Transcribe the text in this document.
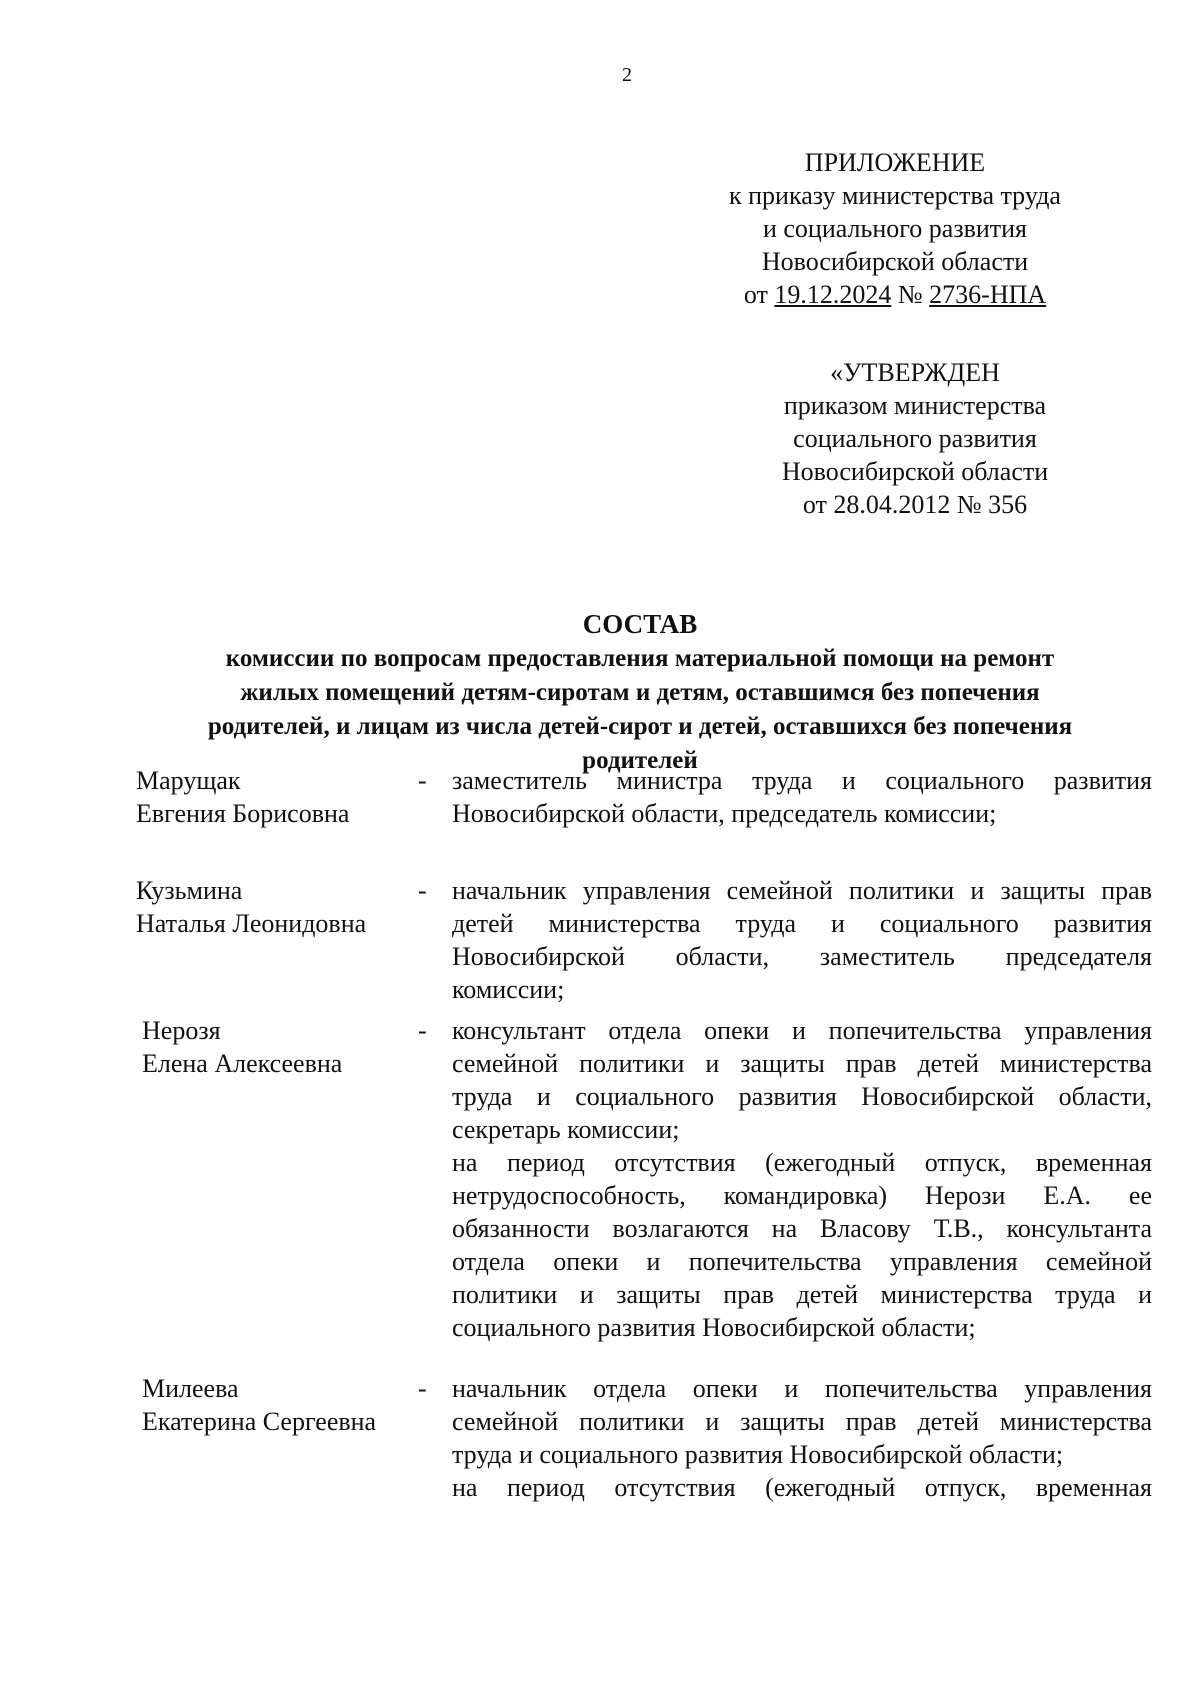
2
ПРИЛОЖЕНИЕ
к приказу министерства труда
и социального развития
Новосибирской области
от 19.12.2024 № 2736-НПА
«УТВЕРЖДЕН
приказом министерства
социального развития
Новосибирской области
от 28.04.2012 № 356
СОСТАВ
комиссии по вопросам предоставления материальной помощи на ремонт
жилых помещений детям-сиротам и детям, оставшимся без попечения
родителей, и лицам из числа детей-сирот и детей, оставшихся без попечения
родителей
Марущак
Евгения Борисовна
- заместитель министра труда и социального развития
Новосибирской области, председатель комиссии;
Кузьмина
Наталья Леонидовна
- начальник управления семейной политики и защиты прав
детей министерства труда и социального развития
Новосибирской области, заместитель председателя
комиссии;
Нерозя
Елена Алексеевна
- консультант отдела опеки и попечительства управления
семейной политики и защиты прав детей министерства
труда и социального развития Новосибирской области,
секретарь комиссии;
на период отсутствия (ежегодный отпуск, временная
нетрудоспособность, командировка) Нерози Е.А. ее
обязанности возлагаются на Власову Т.В., консультанта
отдела опеки и попечительства управления семейной
политики и защиты прав детей министерства труда и
социального развития Новосибирской области;
Милеева
Екатерина Сергеевна
- начальник отдела опеки и попечительства управления
семейной политики и защиты прав детей министерства
труда и социального развития Новосибирской области;
на период отсутствия (ежегодный отпуск, временная
